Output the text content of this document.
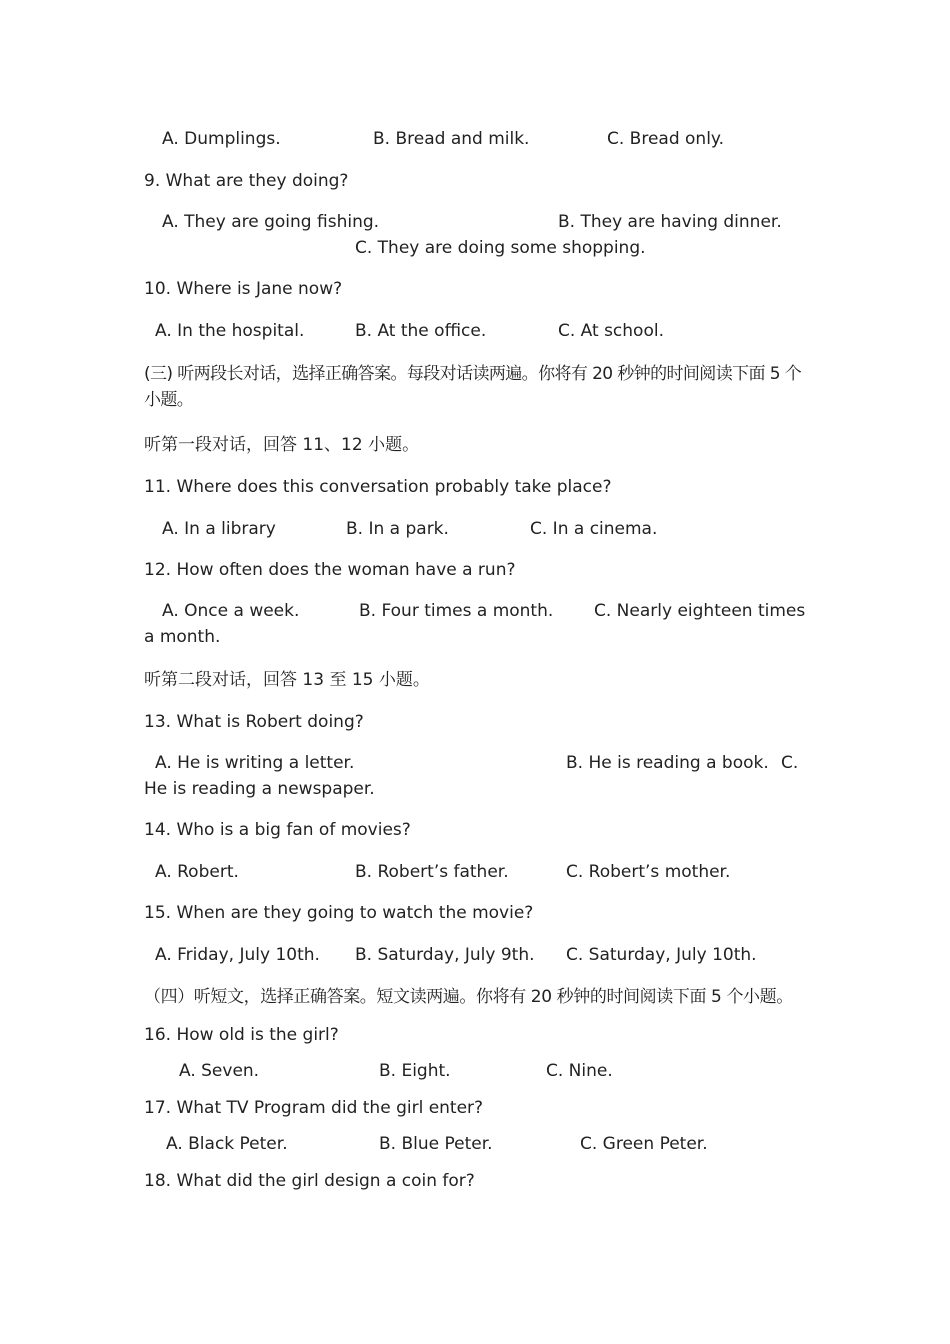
A. Dumplings.	B. Bread and milk.	C. Bread only.
9. What are they doing?
A. They are going fishing.	B. They are having dinner.
C. They are doing some shopping.
10. Where is Jane now?
A. In the hospital.	B. At the office.	C. At school.
(三) 听两段长对话，选择正确答案。每段对话读两遍。你将有 20 秒钟的时间阅读下面 5 个小题。
听第一段对话，回答 11、12 小题。
11. Where does this conversation probably take place?
A. In a library	B. In a park.	C. In a cinema.
12. How often does the woman have a run?
A. Once a week.	B. Four times a month.	C. Nearly eighteen times a month.
听第二段对话，回答 13 至 15 小题。
13. What is Robert doing?
A. He is writing a letter.	B. He is reading a book. C. He is reading a newspaper.
14. Who is a big fan of movies?
A. Robert.	B. Robert’s father.	C. Robert’s mother.
15. When are they going to watch the movie?
A. Friday, July 10th. B. Saturday, July 9th. C. Saturday, July 10th.
（四）听短文，选择正确答案。短文读两遍。你将有 20 秒钟的时间阅读下面 5 个小题。
16. How old is the girl?
A. Seven.	B. Eight.	C. Nine.
17. What TV Program did the girl enter?
A. Black Peter.	B. Blue Peter.	C. Green Peter.
18. What did the girl design a coin for?
